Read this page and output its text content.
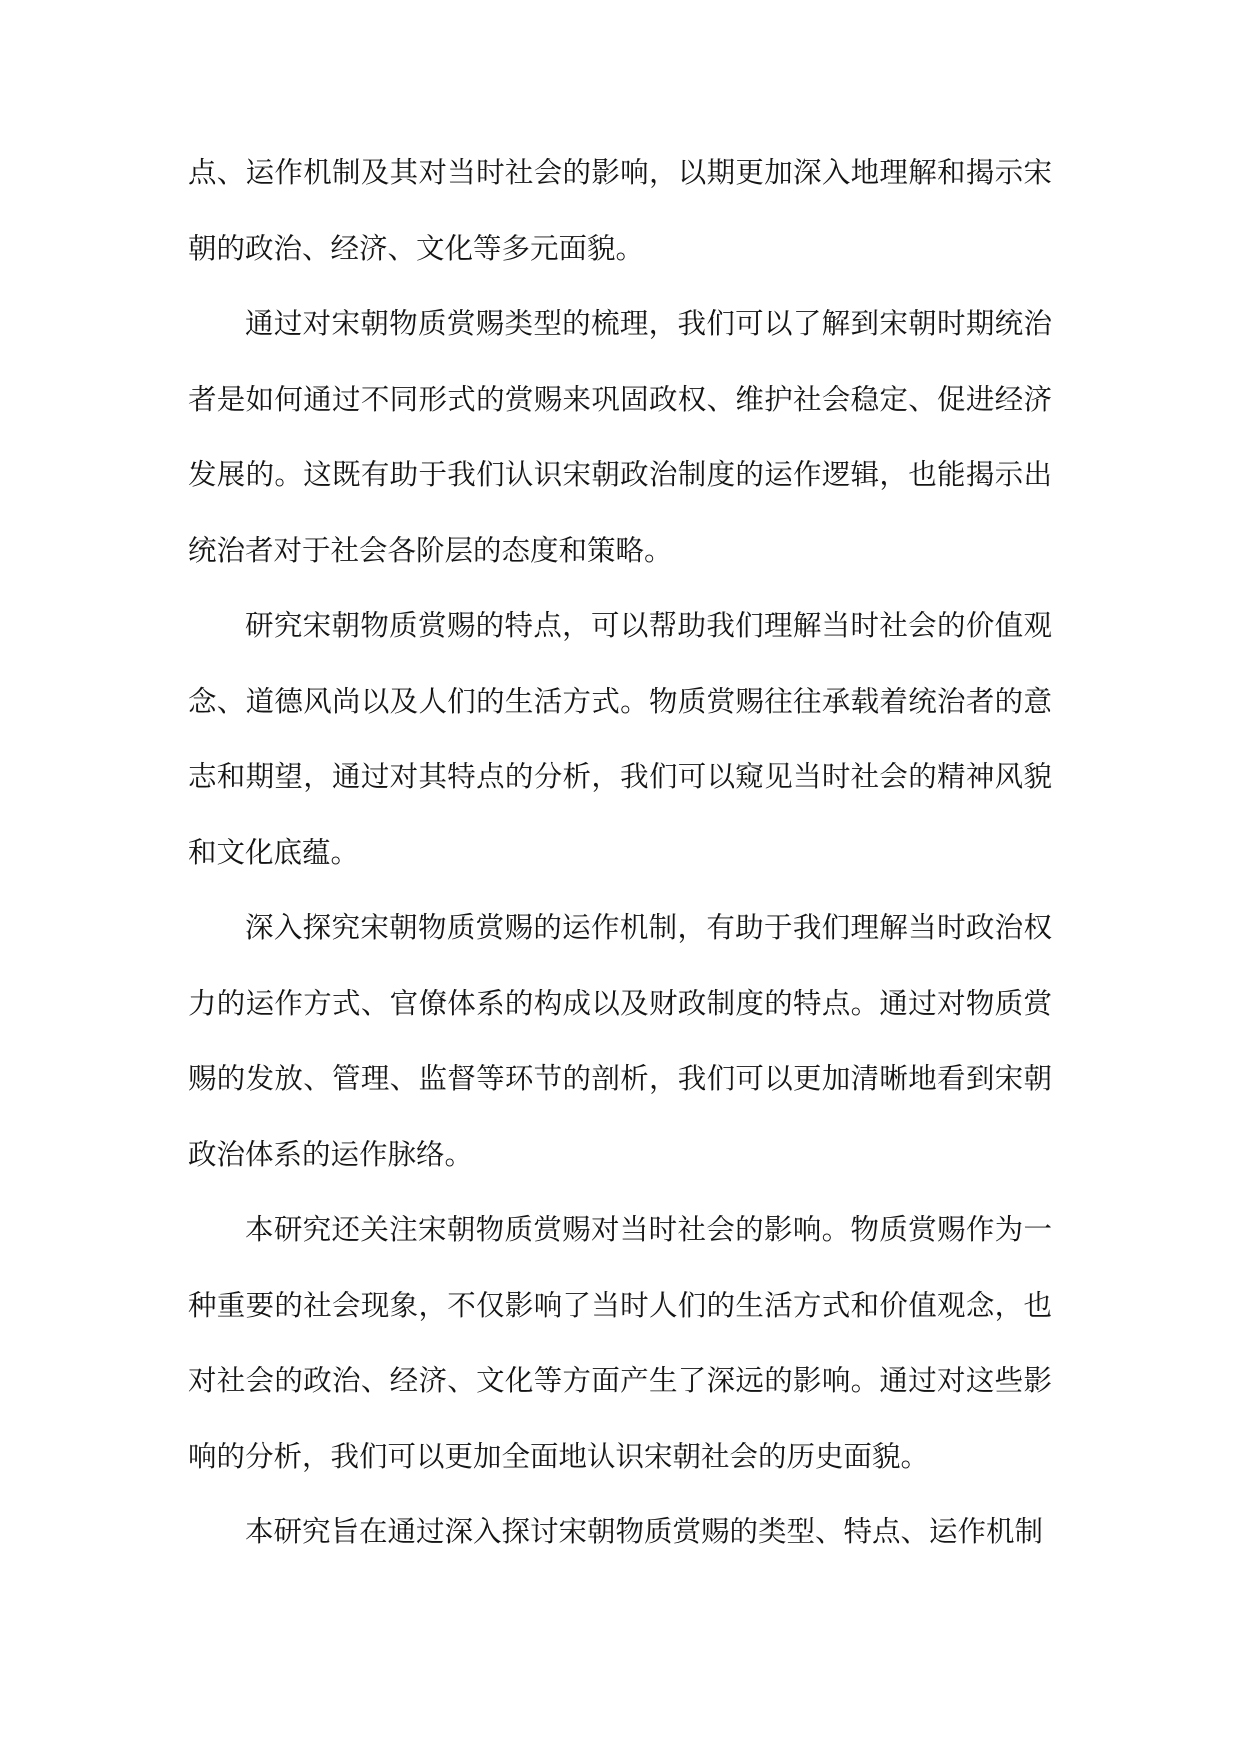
点、运作机制及其对当时社会的影响，以期更加深入地理解和揭示宋朝的政治、经济、文化等多元面貌。

通过对宋朝物质赏赐类型的梳理，我们可以了解到宋朝时期统治者是如何通过不同形式的赏赐来巩固政权、维护社会稳定、促进经济发展的。这既有助于我们认识宋朝政治制度的运作逻辑，也能揭示出统治者对于社会各阶层的态度和策略。

研究宋朝物质赏赐的特点，可以帮助我们理解当时社会的价值观念、道德风尚以及人们的生活方式。物质赏赐往往承载着统治者的意志和期望，通过对其特点的分析，我们可以窥见当时社会的精神风貌和文化底蕴。

深入探究宋朝物质赏赐的运作机制，有助于我们理解当时政治权力的运作方式、官僚体系的构成以及财政制度的特点。通过对物质赏赐的发放、管理、监督等环节的剖析，我们可以更加清晰地看到宋朝政治体系的运作脉络。

本研究还关注宋朝物质赏赐对当时社会的影响。物质赏赐作为一种重要的社会现象，不仅影响了当时人们的生活方式和价值观念，也对社会的政治、经济、文化等方面产生了深远的影响。通过对这些影响的分析，我们可以更加全面地认识宋朝社会的历史面貌。

本研究旨在通过深入探讨宋朝物质赏赐的类型、特点、运作机制
